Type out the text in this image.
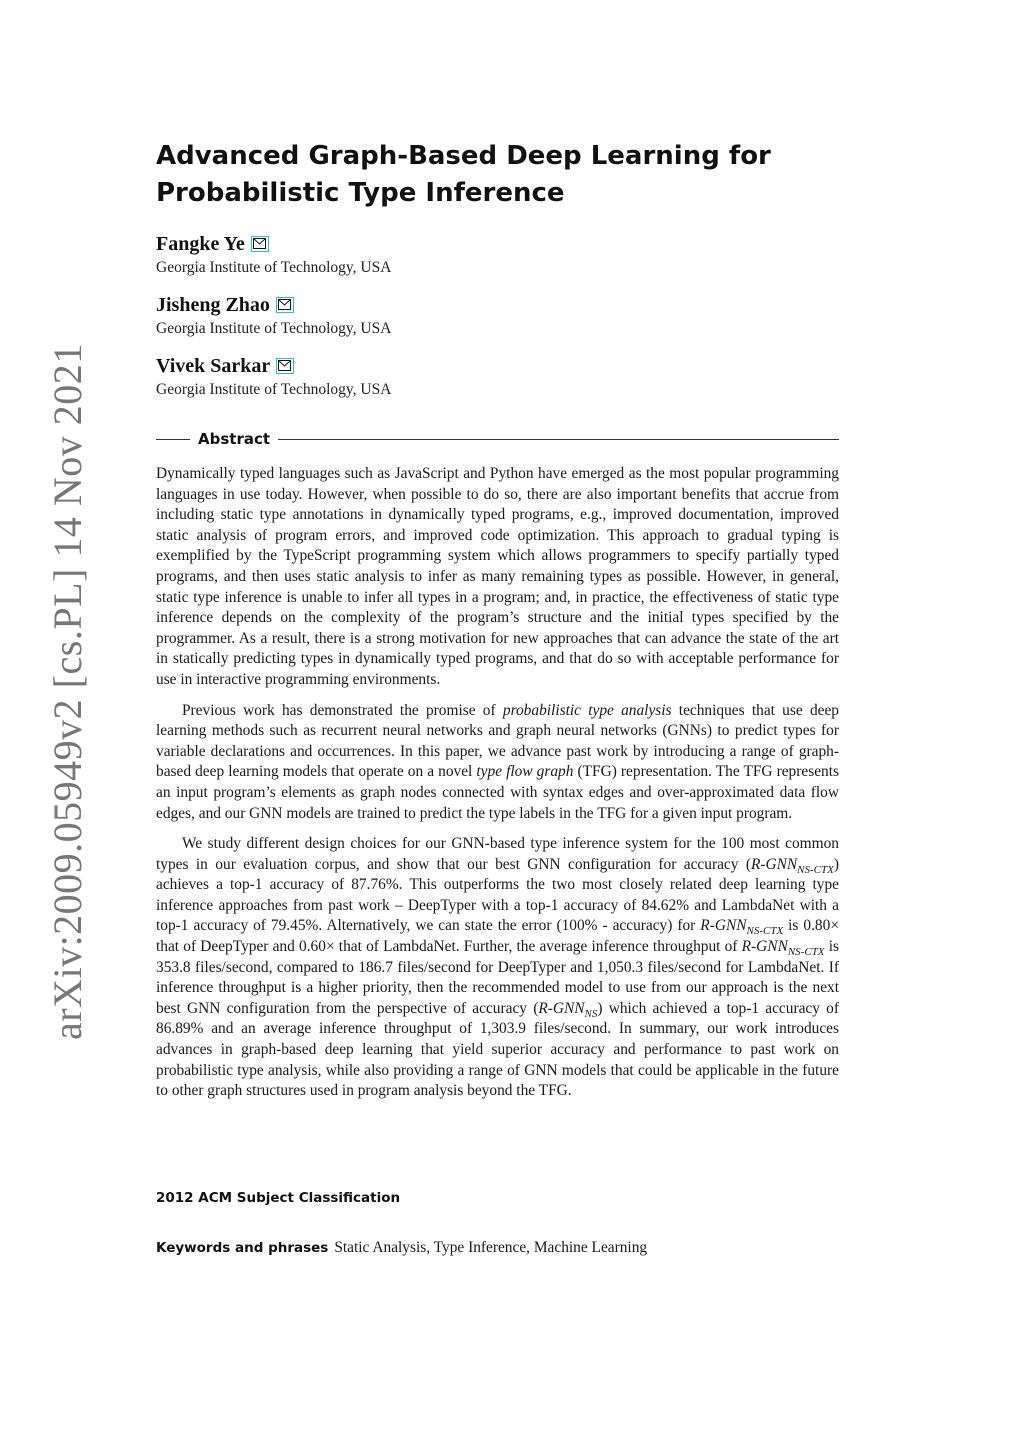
arXiv:2009.05949v2 [cs.PL] 14 Nov 2021
Advanced Graph-Based Deep Learning for
Probabilistic Type Inference
Fangke Ye
Georgia Institute of Technology, USA
Jisheng Zhao
Georgia Institute of Technology, USA
Vivek Sarkar
Georgia Institute of Technology, USA
Abstract

Dynamically typed languages such as JavaScript and Python have emerged as the most popular programming languages in use today. However, when possible to do so, there are also important benefits that accrue from including static type annotations in dynamically typed programs, e.g., improved documentation, improved static analysis of program errors, and improved code optimization. This approach to gradual typing is exemplified by the TypeScript programming system which allows programmers to specify partially typed programs, and then uses static analysis to infer as many remaining types as possible. However, in general, static type inference is unable to infer all types in a program; and, in practice, the effectiveness of static type inference depends on the complexity of the program’s structure and the initial types specified by the programmer. As a result, there is a strong motivation for new approaches that can advance the state of the art in statically predicting types in dynamically typed programs, and that do so with acceptable performance for use in interactive programming environments.

Previous work has demonstrated the promise of probabilistic type analysis techniques that use deep learning methods such as recurrent neural networks and graph neural networks (GNNs) to predict types for variable declarations and occurrences. In this paper, we advance past work by introducing a range of graph-based deep learning models that operate on a novel type flow graph (TFG) representation. The TFG represents an input program’s elements as graph nodes connected with syntax edges and over-approximated data flow edges, and our GNN models are trained to predict the type labels in the TFG for a given input program.

We study different design choices for our GNN-based type inference system for the 100 most common types in our evaluation corpus, and show that our best GNN configuration for accuracy $(R-GNN_{NS-CTX})$ achieves a top-1 accuracy of 87.76%. This outperforms the two most closely related deep learning type inference approaches from past work – DeepTyper with a top-1 accuracy of 84.62% and LambdaNet with a top-1 accuracy of 79.45%. Alternatively, we can state the error (100% - accuracy) for $R-GNN_{NS-CTX}$ is 0.80× that of DeepTyper and 0.60× that of LambdaNet. Further, the average inference throughput of $R-GNN_{NS-CTX}$ is 353.8 files/second, compared to 186.7 files/second for DeepTyper and 1,050.3 files/second for LambdaNet. If inference throughput is a higher priority, then the recommended model to use from our approach is the next best GNN configuration from the perspective of accuracy $(R-GNN_{NS})$ which achieved a top-1 accuracy of 86.89% and an average inference throughput of 1,303.9 files/second. In summary, our work introduces advances in graph-based deep learning that yield superior accuracy and performance to past work on probabilistic type analysis, while also providing a range of GNN models that could be applicable in the future to other graph structures used in program analysis beyond the TFG.

2012 ACM Subject Classification
Keywords and phrases Static Analysis, Type Inference, Machine Learning
